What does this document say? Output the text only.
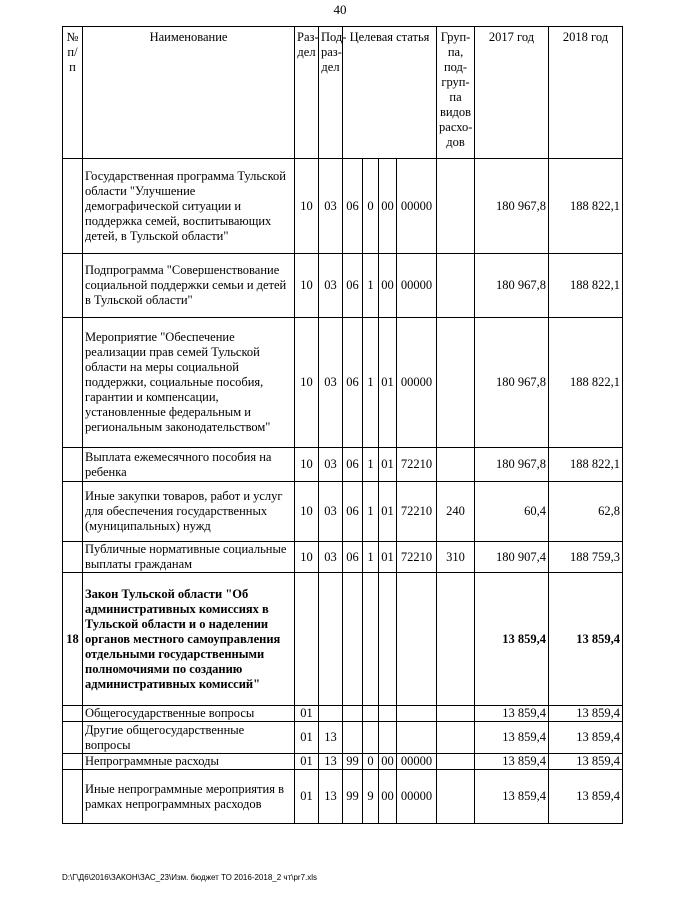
40
№ п/ п	Наименование	Раз- дел	Под- раз- дел	Целевая статья				Груп- па, под- груп- па видов расхо- дов	2017 год	2018 год
	Государственная программа Тульской области "Улучшение демографической ситуации и поддержка семей, воспитывающих детей, в Тульской области"	10	03	06	0	00	00000		180 967,8	188 822,1
	Подпрограмма "Совершенствование социальной поддержки семьи и детей в Тульской области"	10	03	06	1	00	00000		180 967,8	188 822,1
	Мероприятие "Обеспечение реализации прав семей Тульской области на меры социальной поддержки, социальные пособия, гарантии и компенсации, установленные федеральным и региональным законодательством"	10	03	06	1	01	00000		180 967,8	188 822,1
	Выплата ежемесячного пособия на ребенка	10	03	06	1	01	72210		180 967,8	188 822,1
	Иные закупки товаров, работ и услуг для обеспечения государственных (муниципальных) нужд	10	03	06	1	01	72210	240	60,4	62,8
	Публичные нормативные социальные выплаты гражданам	10	03	06	1	01	72210	310	180 907,4	188 759,3
18	Закон Тульской области "Об административных комиссиях в Тульской области и о наделении органов местного самоуправления отдельными государственными полномочиями по созданию административных комиссий"								13 859,4	13 859,4
	Общегосударственные вопросы	01							13 859,4	13 859,4
	Другие общегосударственные вопросы	01	13						13 859,4	13 859,4
	Непрограммные расходы	01	13	99	0	00	00000		13 859,4	13 859,4
	Иные непрограммные мероприятия в рамках непрограммных расходов	01	13	99	9	00	00000		13 859,4	13 859,4
D:\Г\Д6\2016\ЗАКОН\ЗАС_23\Изм. бюджет ТО 2016-2018_2 чт\pr7.xls
